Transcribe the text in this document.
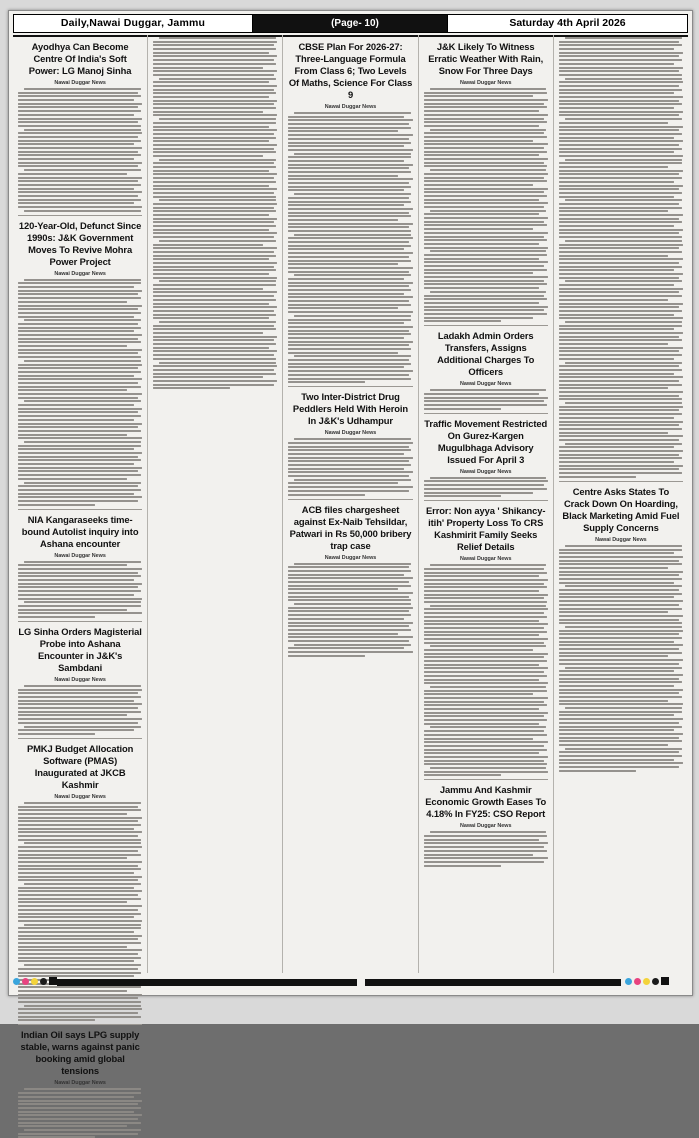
Daily,Nawai Duggar, Jammu	(Page- 10)	Saturday 4th April 2026
Ayodhya Can Become Centre Of India's Soft Power: LG Manoj Sinha
Nawai Duggar News
120-Year-Old, Defunct Since 1990s: J&K Government Moves To Revive Mohra Power Project
Nawai Duggar News
NIA Kangaraseeks time-bound Autolist inquiry into Ashana encounter
Nawai Duggar News
LG Sinha Orders Magisterial Probe into Ashana Encounter in J&K's Sambdani
Nawai Duggar News
PMKJ Budget Allocation Software (PMAS) Inaugurated at JKCB Kashmir
Nawai Duggar News
Indian Oil says LPG supply stable, warns against panic booking amid global tensions
Nawai Duggar News
CBSE Plan For 2026-27: Three-Language Formula From Class 6; Two Levels Of Maths, Science For Class 9
Nawai Duggar News
Two Inter-District Drug Peddlers Held With Heroin In J&K's Udhampur
Nawai Duggar News
ACB files chargesheet against Ex-Naib Tehsildar, Patwari in Rs 50,000 bribery trap case
Nawai Duggar News
J&K Likely To Witness Erratic Weather With Rain, Snow For Three Days
Nawai Duggar News
Ladakh Admin Orders Transfers, Assigns Additional Charges To Officers
Nawai Duggar News
Traffic Movement Restricted On Gurez-Kargen Mugulbhaga Advisory Issued For April 3
Nawai Duggar News
Error: Non ayya ' Shikancy-itih' Property Loss To CRS Kashmirit Family Seeks Relief Details
Nawai Duggar News
Jammu And Kashmir Economic Growth Eases To 4.18% In FY25: CSO Report
Nawai Duggar News
Centre Asks States To Crack Down On Hoarding, Black Marketing Amid Fuel Supply Concerns
Nawai Duggar News
